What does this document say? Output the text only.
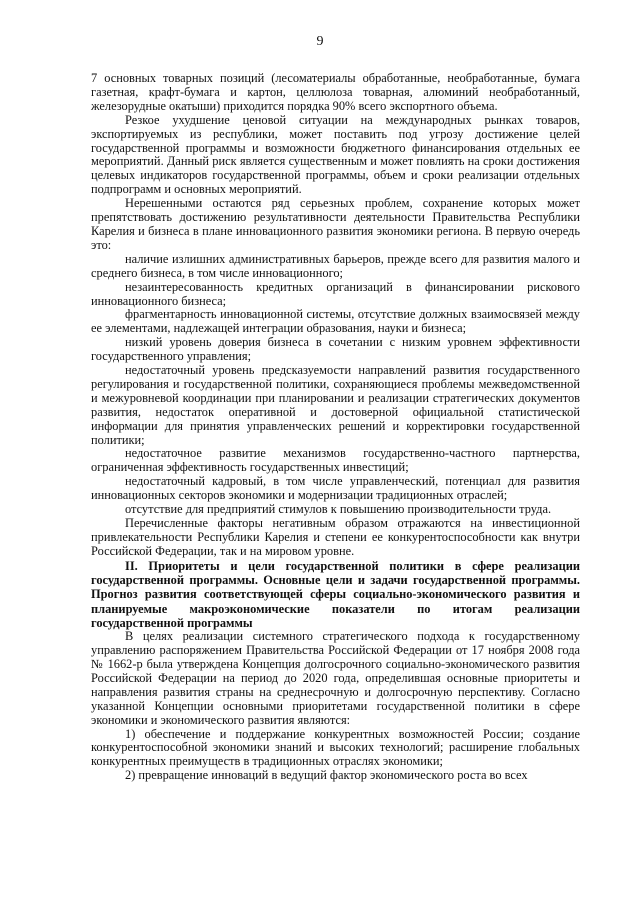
9

7 основных товарных позиций (лесоматериалы обработанные, необработанные, бумага газетная, крафт-бумага и картон, целлюлоза товарная, алюминий необработанный, железорудные окатыши) приходится порядка 90% всего экспортного объема.

Резкое ухудшение ценовой ситуации на международных рынках товаров, экспортируемых из республики, может поставить под угрозу достижение целей государственной программы и возможности бюджетного финансирования отдельных ее мероприятий. Данный риск является существенным и может повлиять на сроки достижения целевых индикаторов государственной программы, объем и сроки реализации отдельных подпрограмм и основных мероприятий.

Нерешенными остаются ряд серьезных проблем, сохранение которых может препятствовать достижению результативности деятельности Правительства Республики Карелия и бизнеса в плане инновационного развития экономики региона. В первую очередь это:

наличие излишних административных барьеров, прежде всего для развития малого и среднего бизнеса, в том числе инновационного;

незаинтересованность кредитных организаций в финансировании рискового инновационного бизнеса;

фрагментарность инновационной системы, отсутствие должных взаимосвязей между ее элементами, надлежащей интеграции образования, науки и бизнеса;

низкий уровень доверия бизнеса в сочетании с низким уровнем эффективности государственного управления;

недостаточный уровень предсказуемости направлений развития государственного регулирования и государственной политики, сохраняющиеся проблемы межведомственной и межуровневой координации при планировании и реализации стратегических документов развития, недостаток оперативной и достоверной официальной статистической информации для принятия управленческих решений и корректировки государственной политики;

недостаточное развитие механизмов государственно-частного партнерства, ограниченная эффективность государственных инвестиций;

недостаточный кадровый, в том числе управленческий, потенциал для развития инновационных секторов экономики и модернизации традиционных отраслей;

отсутствие для предприятий стимулов к повышению производительности труда.

Перечисленные факторы негативным образом отражаются на инвестиционной привлекательности Республики Карелия и степени ее конкурентоспособности как внутри Российской Федерации, так и на мировом уровне.

II. Приоритеты и цели государственной политики в сфере реализации государственной программы. Основные цели и задачи государственной программы. Прогноз развития соответствующей сферы социально-экономического развития и планируемые макроэкономические показатели по итогам реализации государственной программы

В целях реализации системного стратегического подхода к государственному управлению распоряжением Правительства Российской Федерации от 17 ноября 2008 года № 1662-р была утверждена Концепция долгосрочного социально-экономического развития Российской Федерации на период до 2020 года, определившая основные приоритеты и направления развития страны на среднесрочную и долгосрочную перспективу. Согласно указанной Концепции основными приоритетами государственной политики в сфере экономики и экономического развития являются:

1) обеспечение и поддержание конкурентных возможностей России; создание конкурентоспособной экономики знаний и высоких технологий; расширение глобальных конкурентных преимуществ в традиционных отраслях экономики;

2) превращение инноваций в ведущий фактор экономического роста во всех
